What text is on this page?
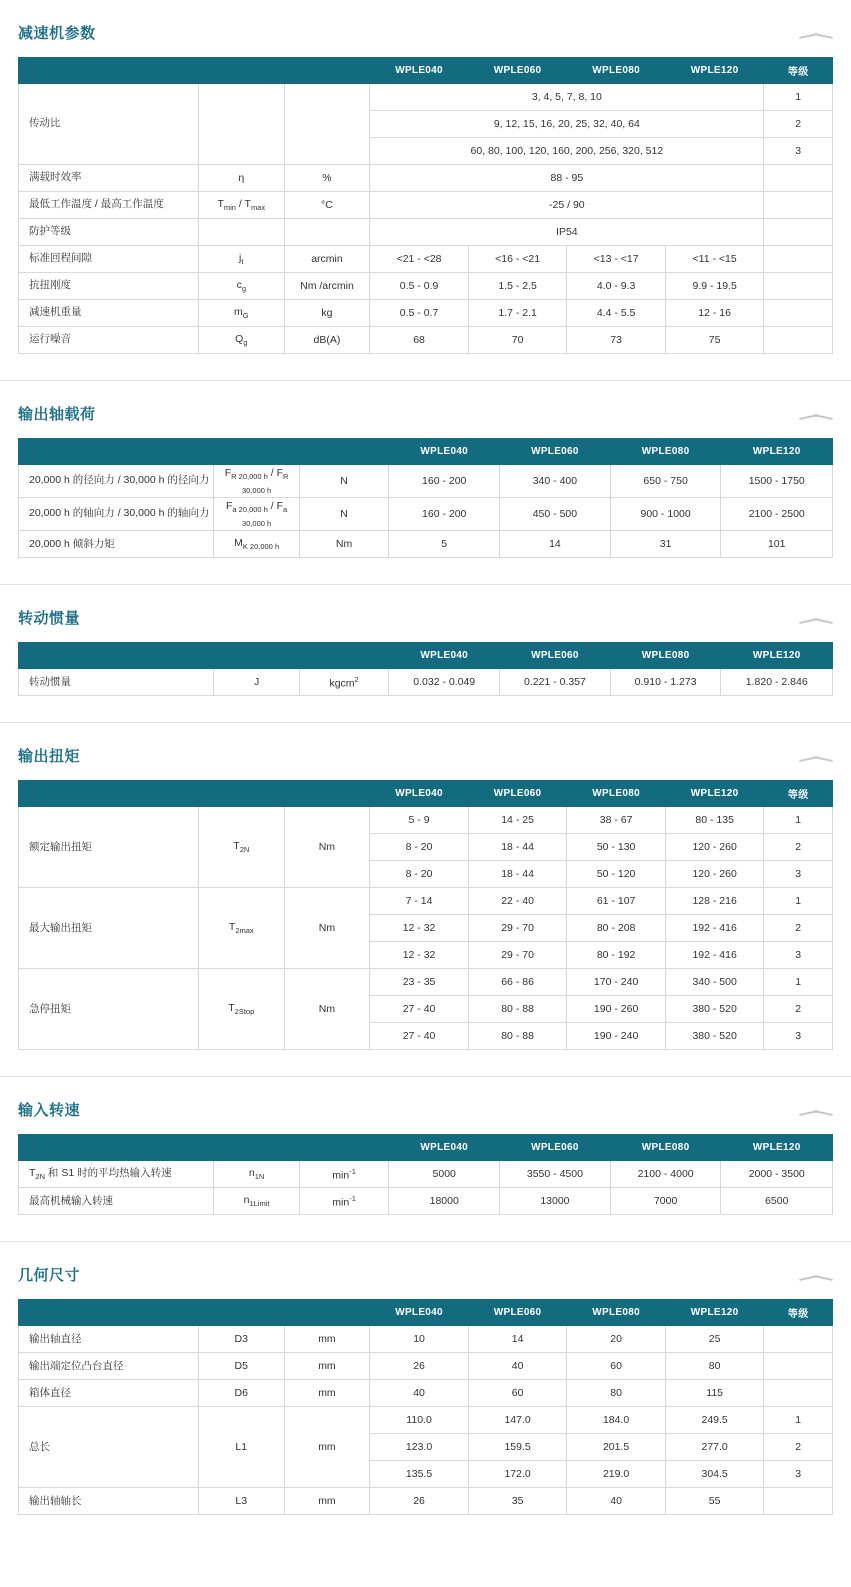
减速机参数
			WPLE040	WPLE060	WPLE080	WPLE120	等级
传动比			3, 4, 5, 7, 8, 10				1
			9, 12, 15, 16, 20, 25, 32, 40, 64				2
			60, 80, 100, 120, 160, 200, 256, 320, 512				3
满载时效率	η	%	88 - 95				
最低工作温度 / 最高工作温度	$T_{min} / T_{max}$	°C	-25 / 90				
防护等级			IP54				
标准回程间隙	$j_t$	arcmin	<21 - <28	<16 - <21	<13 - <17	<11 - <15	
抗扭刚度	$c_g$	Nm /arcmin	0.5 - 0.9	1.5 - 2.5	4.0 - 9.3	9.9 - 19.5	
减速机重量	$m_G$	kg	0.5 - 0.7	1.7 - 2.1	4.4 - 5.5	12 - 16	
运行噪音	$Q_g$	dB(A)	68	70	73	75	
输出轴载荷
			WPLE040	WPLE060	WPLE080	WPLE120
20,000 h 的径向力 / 30,000 h 的径向力	$F_{R 20,000 h} / F_{R 30,000 h}$	N	160 - 200	340 - 400	650 - 750	1500 - 1750
20,000 h 的轴向力 / 30,000 h 的轴向力	$F_{a 20,000 h} / F_{a 30,000 h}$	N	160 - 200	450 - 500	900 - 1000	2100 - 2500
20,000 h 倾斜力矩	$M_{K 20,000 h}$	Nm	5	14	31	101
转动惯量
			WPLE040	WPLE060	WPLE080	WPLE120
转动惯量	J	kgcm$^2$	0.032 - 0.049	0.221 - 0.357	0.910 - 1.273	1.820 - 2.846
输出扭矩
			WPLE040	WPLE060	WPLE080	WPLE120	等级
额定输出扭矩	$T_{2N}$	Nm	5 - 9	14 - 25	38 - 67	80 - 135	1
			8 - 20	18 - 44	50 - 130	120 - 260	2
			8 - 20	18 - 44	50 - 120	120 - 260	3
最大输出扭矩	$T_{2max}$	Nm	7 - 14	22 - 40	61 - 107	128 - 216	1
			12 - 32	29 - 70	80 - 208	192 - 416	2
			12 - 32	29 - 70	80 - 192	192 - 416	3
急停扭矩	$T_{2Stop}$	Nm	23 - 35	66 - 86	170 - 240	340 - 500	1
			27 - 40	80 - 88	190 - 260	380 - 520	2
			27 - 40	80 - 88	190 - 240	380 - 520	3
输入转速
			WPLE040	WPLE060	WPLE080	WPLE120
$T_{2N}$ 和 S1 时的平均热输入转速	$n_{1N}$	$\min^{-1}$	5000	3550 - 4500	2100 - 4000	2000 - 3500
最高机械输入转速	$n_{1Limit}$	$\min^{-1}$	18000	13000	7000	6500
几何尺寸
			WPLE040	WPLE060	WPLE080	WPLE120	等级
输出轴直径	D3	mm	10	14	20	25	
输出端定位凸台直径	D5	mm	26	40	60	80	
箱体直径	D6	mm	40	60	80	115	
总长	L1	mm	110.0	147.0	184.0	249.5	1
			123.0	159.5	201.5	277.0	2
			135.5	172.0	219.0	304.5	3
输出轴轴长	L3	mm	26	35	40	55	
